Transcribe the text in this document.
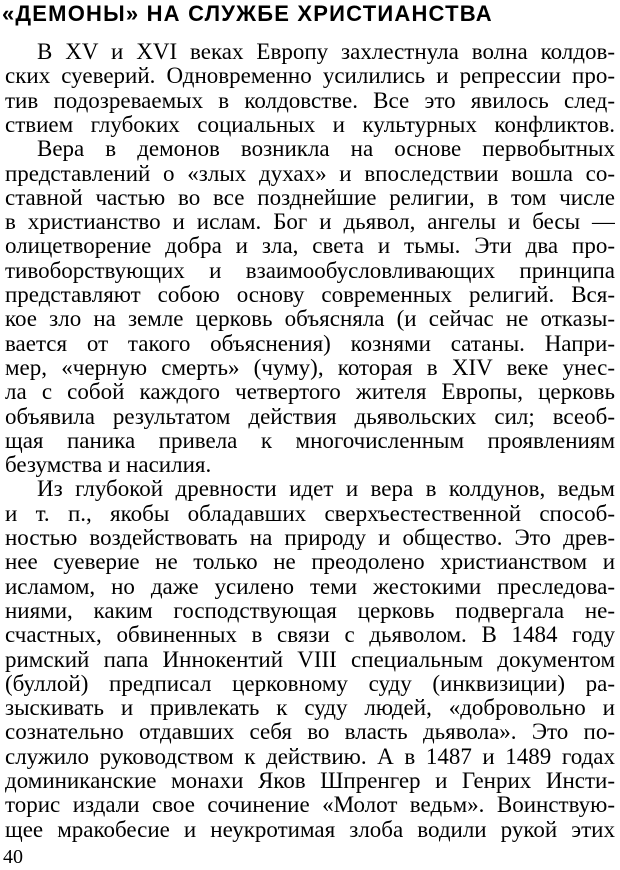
«ДЕМОНЫ» НА СЛУЖБЕ ХРИСТИАНСТВА
В XV и XVI веках Европу захлестнула волна колдов-
ских суеверий. Одновременно усилились и репрессии про-
тив подозреваемых в колдовстве. Все это явилось след-
ствием глубоких социальных и культурных конфликтов.
Вера в демонов возникла на основе первобытных
представлений о «злых духах» и впоследствии вошла со-
ставной частью во все позднейшие религии, в том числе
в христианство и ислам. Бог и дьявол, ангелы и бесы —
олицетворение добра и зла, света и тьмы. Эти два про-
тивоборствующих и взаимообусловливающих принципа
представляют собою основу современных религий. Вся-
кое зло на земле церковь объясняла (и сейчас не отказы-
вается от такого объяснения) кознями сатаны. Напри-
мер, «черную смерть» (чуму), которая в XIV веке унес-
ла с собой каждого четвертого жителя Европы, церковь
объявила результатом действия дьявольских сил; всеоб-
щая паника привела к многочисленным проявлениям
безумства и насилия.
Из глубокой древности идет и вера в колдунов, ведьм
и т. п., якобы обладавших сверхъестественной способ-
ностью воздействовать на природу и общество. Это древ-
нее суеверие не только не преодолено христианством и
исламом, но даже усилено теми жестокими преследова-
ниями, каким господствующая церковь подвергала не-
счастных, обвиненных в связи с дьяволом. В 1484 году
римский папа Иннокентий VIII специальным документом
(буллой) предписал церковному суду (инквизиции) ра-
зыскивать и привлекать к суду людей, «добровольно и
сознательно отдавших себя во власть дьявола». Это по-
служило руководством к действию. А в 1487 и 1489 годах
доминиканские монахи Яков Шпренгер и Генрих Инсти-
торис издали свое сочинение «Молот ведьм». Воинствую-
щее мракобесие и неукротимая злоба водили рукой этих
40
